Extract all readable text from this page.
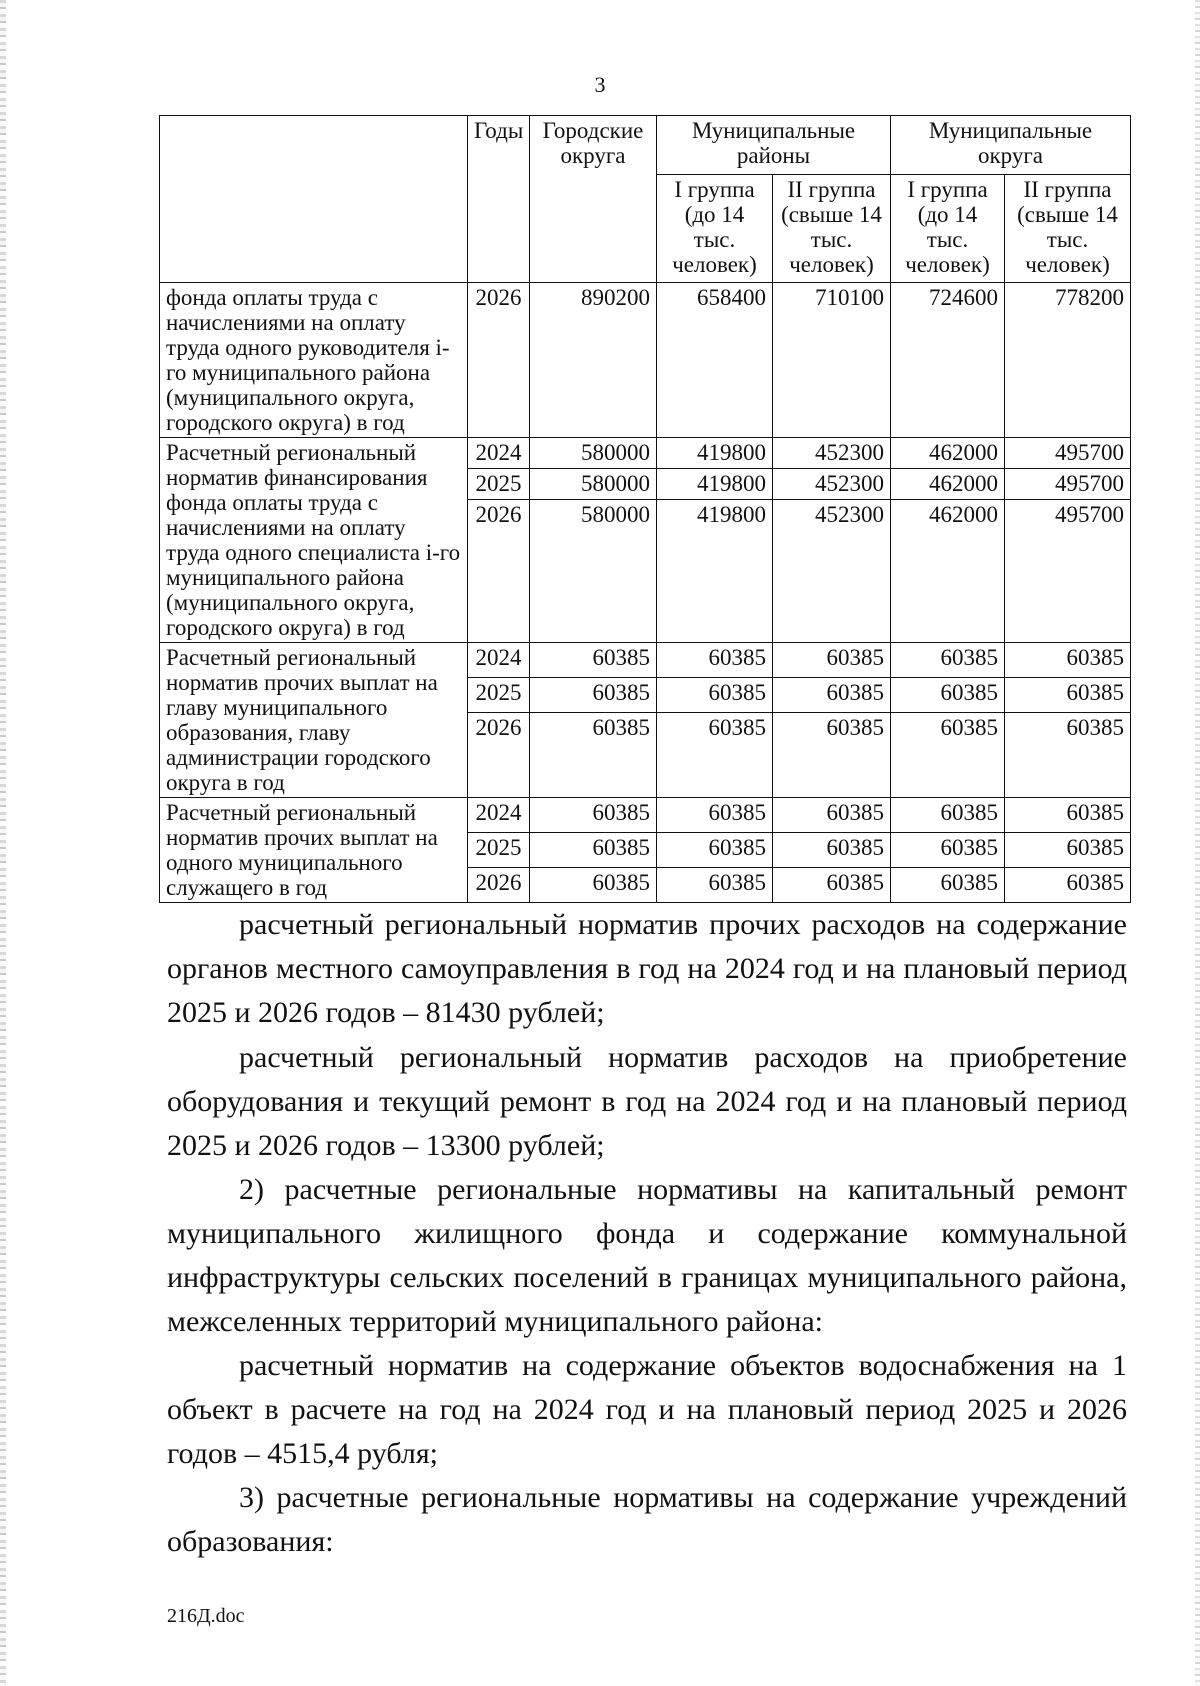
3
	Годы	Городские округа	Муниципальные районы		Муниципальные округа	
			I группа (до 14 тыс. человек)	II группа (свыше 14 тыс. человек)	I группа (до 14 тыс. человек)	II группа (свыше 14 тыс. человек)
фонда оплаты труда с начислениями на оплату труда одного руководителя i-го муниципального района (муниципального округа, городского округа) в год	2026	890200	658400	710100	724600	778200
Расчетный региональный норматив финансирования фонда оплаты труда с начислениями на оплату труда одного специалиста i-го муниципального района (муниципального округа, городского округа) в год	2024	580000	419800	452300	462000	495700
	2025	580000	419800	452300	462000	495700
	2026	580000	419800	452300	462000	495700
Расчетный региональный норматив прочих выплат на главу муниципального образования, главу администрации городского округа в год	2024	60385	60385	60385	60385	60385
	2025	60385	60385	60385	60385	60385
	2026	60385	60385	60385	60385	60385
Расчетный региональный норматив прочих выплат на одного муниципального служащего в год	2024	60385	60385	60385	60385	60385
	2025	60385	60385	60385	60385	60385
	2026	60385	60385	60385	60385	60385

расчетный региональный норматив прочих расходов на содержание органов местного самоуправления в год на 2024 год и на плановый период 2025 и 2026 годов – 81430 рублей;

расчетный региональный норматив расходов на приобретение оборудования и текущий ремонт в год на 2024 год и на плановый период 2025 и 2026 годов – 13300 рублей;

2) расчетные региональные нормативы на капитальный ремонт муниципального жилищного фонда и содержание коммунальной инфраструктуры сельских поселений в границах муниципального района, межселенных территорий муниципального района:

расчетный норматив на содержание объектов водоснабжения на 1 объект в расчете на год на 2024 год и на плановый период 2025 и 2026 годов – 4515,4 рубля;

3) расчетные региональные нормативы на содержание учреждений образования:

216Д.doc
